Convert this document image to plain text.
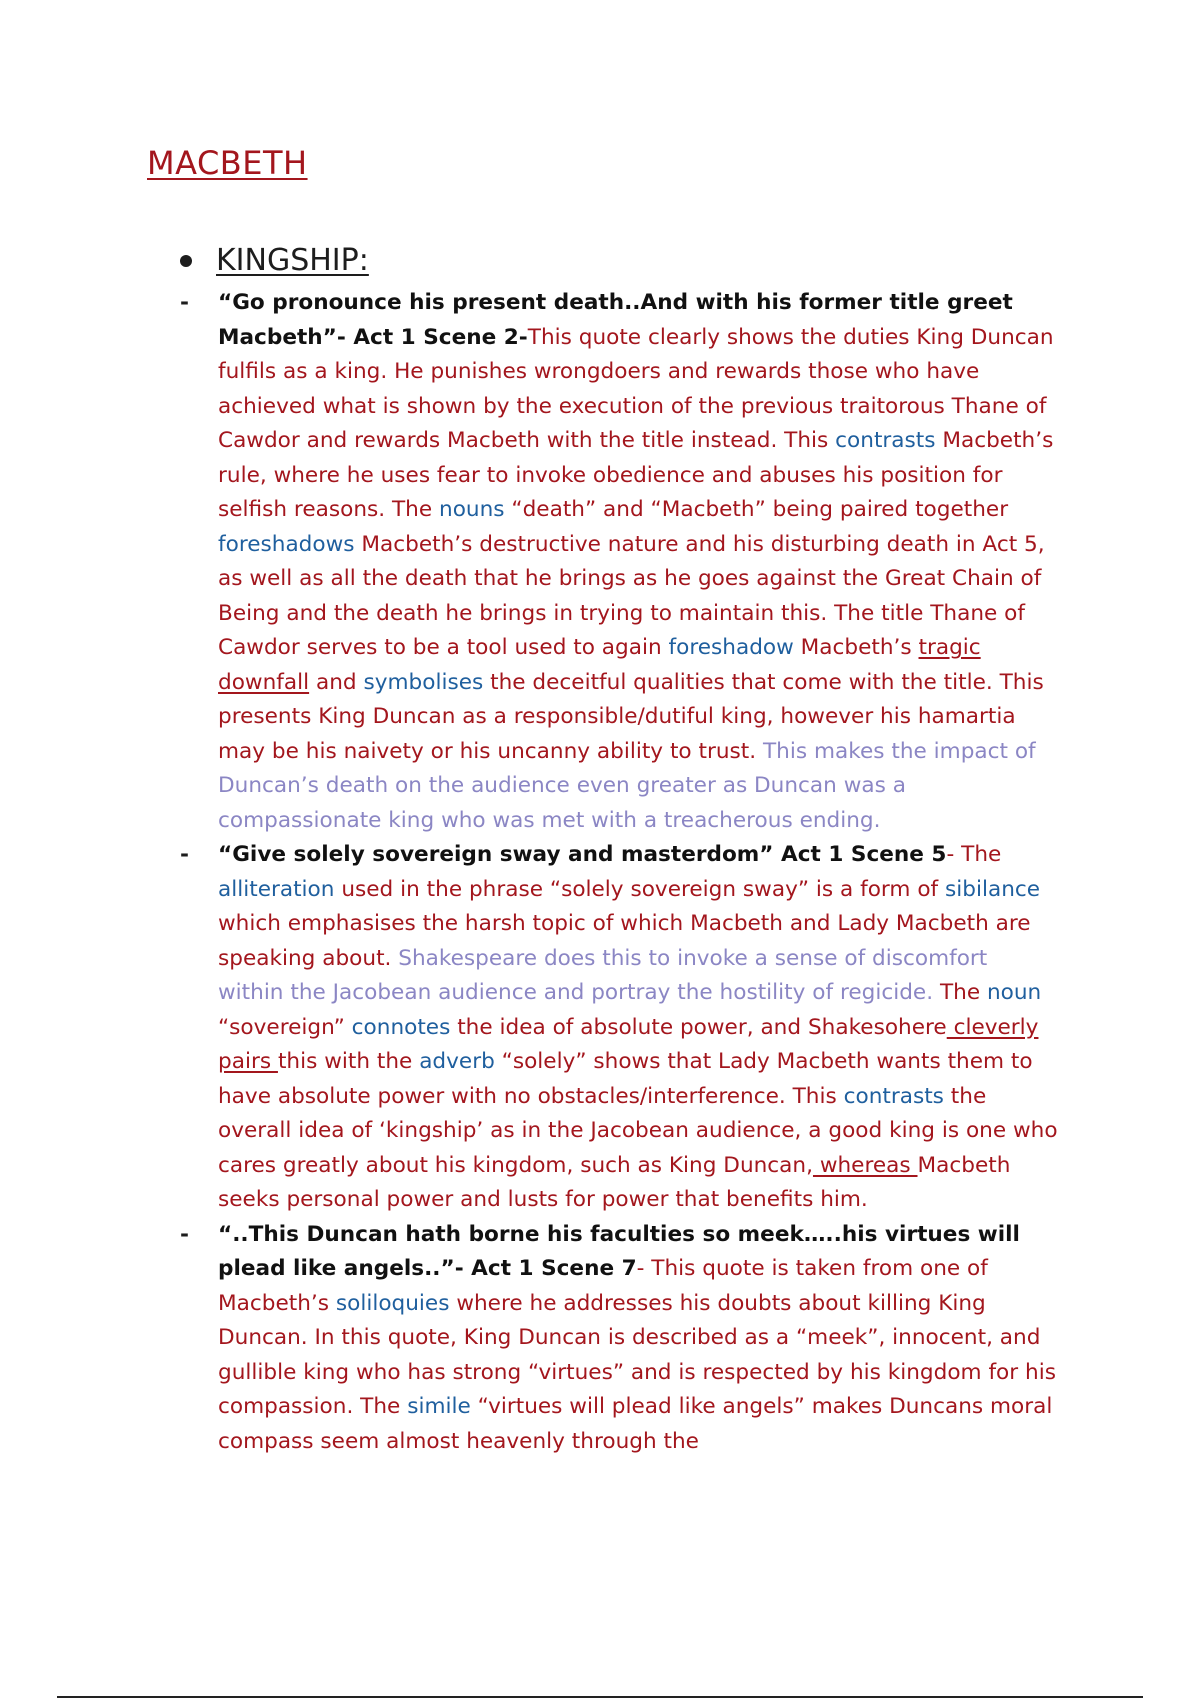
MACBETH
KINGSHIP:
- “Go pronounce his present death..And with his former title greet Macbeth”- Act 1 Scene 2-This quote clearly shows the duties King Duncan fulfils as a king. He punishes wrongdoers and rewards those who have achieved what is shown by the execution of the previous traitorous Thane of Cawdor and rewards Macbeth with the title instead. This contrasts Macbeth’s rule, where he uses fear to invoke obedience and abuses his position for selfish reasons. The nouns “death” and “Macbeth” being paired together foreshadows Macbeth’s destructive nature and his disturbing death in Act 5, as well as all the death that he brings as he goes against the Great Chain of Being and the death he brings in trying to maintain this. The title Thane of Cawdor serves to be a tool used to again foreshadow Macbeth’s tragic downfall and symbolises the deceitful qualities that come with the title. This presents King Duncan as a responsible/dutiful king, however his hamartia may be his naivety or his uncanny ability to trust. This makes the impact of Duncan’s death on the audience even greater as Duncan was a compassionate king who was met with a treacherous ending.
- “Give solely sovereign sway and masterdom” Act 1 Scene 5- The alliteration used in the phrase “solely sovereign sway” is a form of sibilance which emphasises the harsh topic of which Macbeth and Lady Macbeth are speaking about. Shakespeare does this to invoke a sense of discomfort within the Jacobean audience and portray the hostility of regicide. The noun “sovereign” connotes the idea of absolute power, and Shakesohere cleverly pairs this with the adverb “solely” shows that Lady Macbeth wants them to have absolute power with no obstacles/interference. This contrasts the overall idea of ‘kingship’ as in the Jacobean audience, a good king is one who cares greatly about his kingdom, such as King Duncan, whereas Macbeth seeks personal power and lusts for power that benefits him.
- “..This Duncan hath borne his faculties so meek…..his virtues will plead like angels..”- Act 1 Scene 7- This quote is taken from one of Macbeth’s soliloquies where he addresses his doubts about killing King Duncan. In this quote, King Duncan is described as a “meek”, innocent, and gullible king who has strong “virtues” and is respected by his kingdom for his compassion. The simile “virtues will plead like angels” makes Duncans moral compass seem almost heavenly through the
